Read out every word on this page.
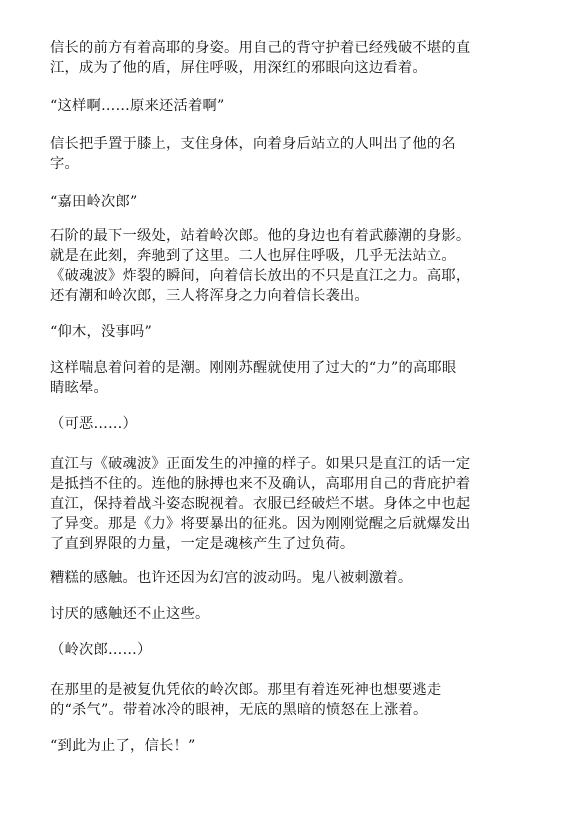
信长的前方有着高耶的身姿。用自己的背守护着已经残破不堪的直
江，成为了他的盾，屏住呼吸，用深红的邪眼向这边看着。

“这样啊……原来还活着啊”

信长把手置于膝上，支住身体，向着身后站立的人叫出了他的名
字。

“嘉田岭次郎”

石阶的最下一级处，站着岭次郎。他的身边也有着武藤潮的身影。
就是在此刻，奔驰到了这里。二人也屏住呼吸，几乎无法站立。
《破魂波》炸裂的瞬间，向着信长放出的不只是直江之力。高耶，
还有潮和岭次郎，三人将浑身之力向着信长袭出。

“仰木，没事吗”

这样喘息着问着的是潮。刚刚苏醒就使用了过大的“力”的高耶眼
睛眩晕。

（可恶……）

直江与《破魂波》正面发生的冲撞的样子。如果只是直江的话一定
是抵挡不住的。连他的脉搏也来不及确认，高耶用自己的背庇护着
直江，保持着战斗姿态睨视着。衣服已经破烂不堪。身体之中也起
了异变。那是《力》将要暴出的征兆。因为刚刚觉醒之后就爆发出
了直到界限的力量，一定是魂核产生了过负荷。

糟糕的感触。也许还因为幻宫的波动吗。鬼八被刺激着。

讨厌的感触还不止这些。

（岭次郎……）

在那里的是被复仇凭依的岭次郎。那里有着连死神也想要逃走
的“杀气”。带着冰冷的眼神，无底的黑暗的愤怒在上涨着。

“到此为止了，信长！”
